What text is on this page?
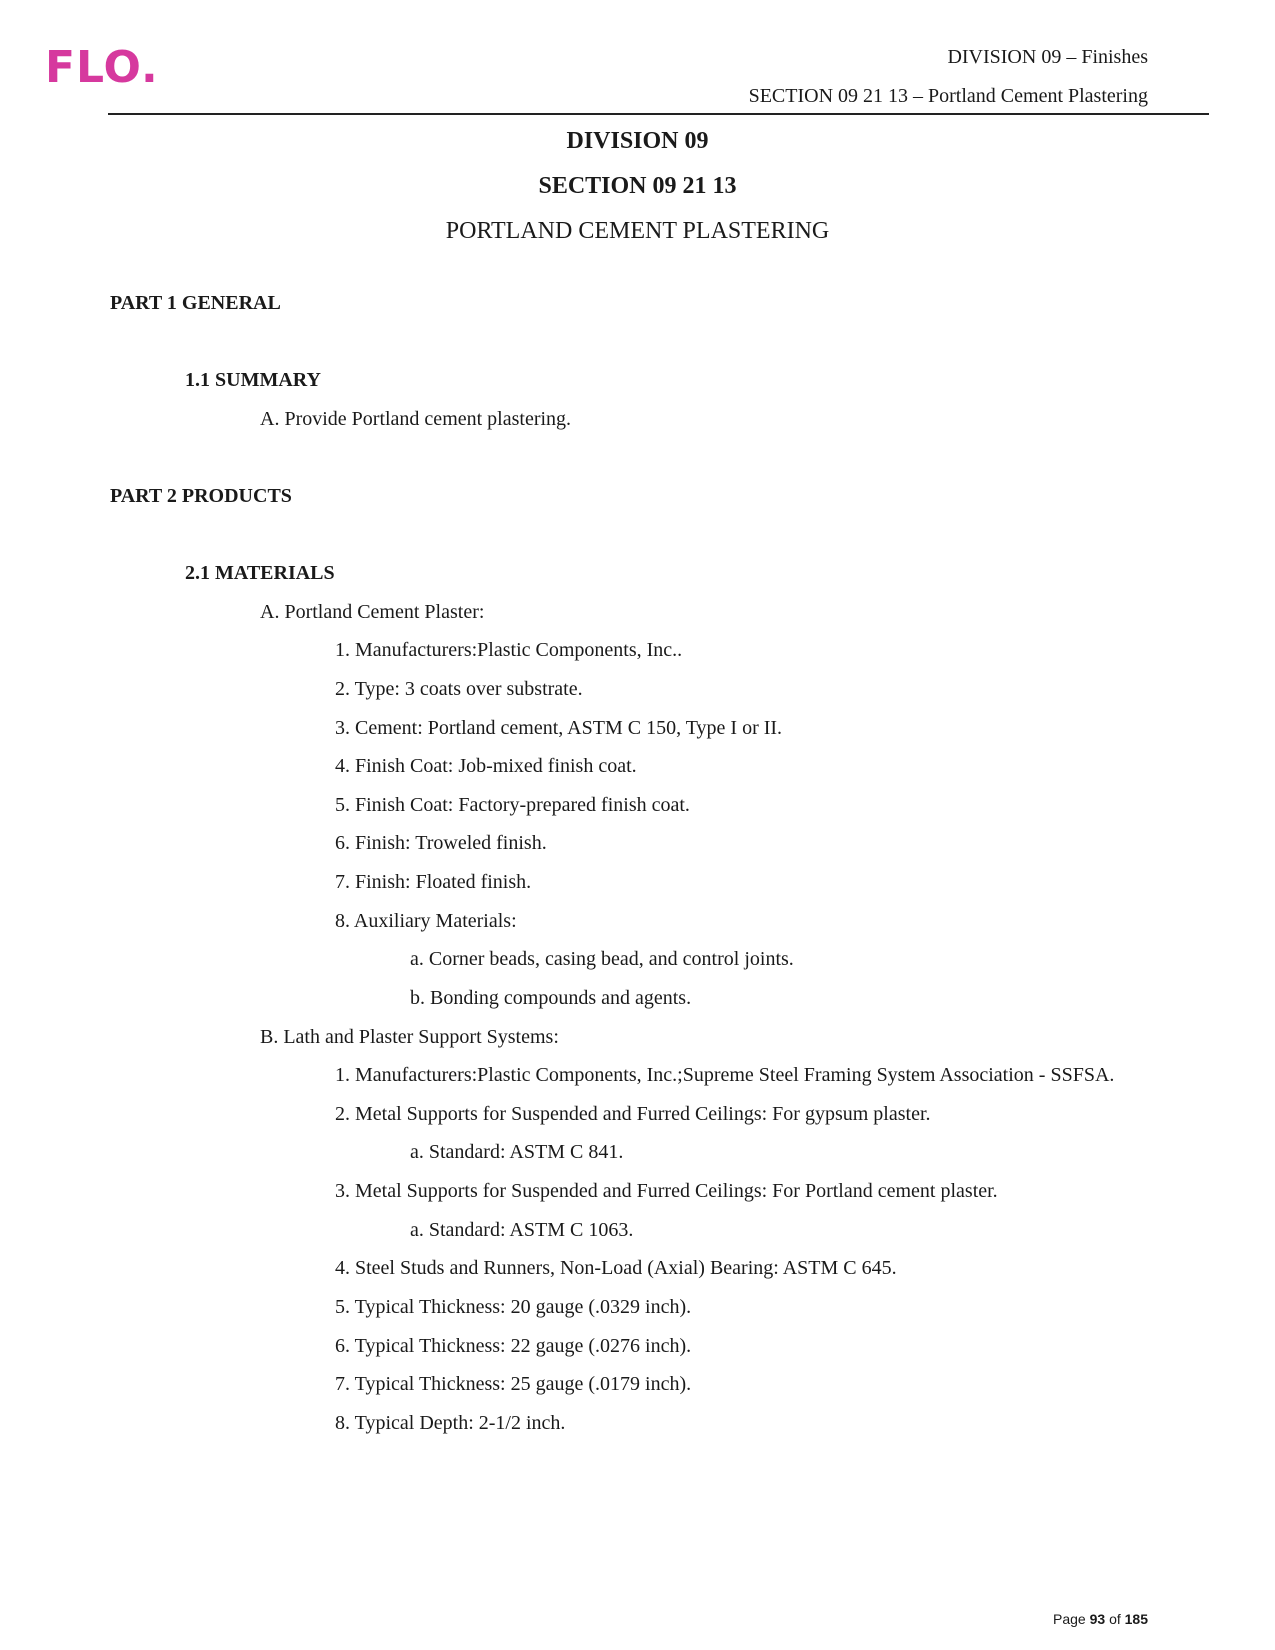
FLO.	DIVISION 09 – Finishes
SECTION 09 21 13 – Portland Cement Plastering
DIVISION 09
SECTION 09 21 13
PORTLAND CEMENT PLASTERING
PART 1 GENERAL
1.1 SUMMARY
A. Provide Portland cement plastering.
PART 2 PRODUCTS
2.1 MATERIALS
A. Portland Cement Plaster:
1. Manufacturers:Plastic Components, Inc..
2. Type: 3 coats over substrate.
3. Cement: Portland cement, ASTM C 150, Type I or II.
4. Finish Coat: Job-mixed finish coat.
5. Finish Coat: Factory-prepared finish coat.
6. Finish: Troweled finish.
7. Finish: Floated finish.
8. Auxiliary Materials:
a. Corner beads, casing bead, and control joints.
b. Bonding compounds and agents.
B. Lath and Plaster Support Systems:
1. Manufacturers:Plastic Components, Inc.;Supreme Steel Framing System Association - SSFSA.
2. Metal Supports for Suspended and Furred Ceilings: For gypsum plaster.
a. Standard: ASTM C 841.
3. Metal Supports for Suspended and Furred Ceilings: For Portland cement plaster.
a. Standard: ASTM C 1063.
4. Steel Studs and Runners, Non-Load (Axial) Bearing: ASTM C 645.
5. Typical Thickness: 20 gauge (.0329 inch).
6. Typical Thickness: 22 gauge (.0276 inch).
7. Typical Thickness: 25 gauge (.0179 inch).
8. Typical Depth: 2-1/2 inch.
Page 93 of 185
